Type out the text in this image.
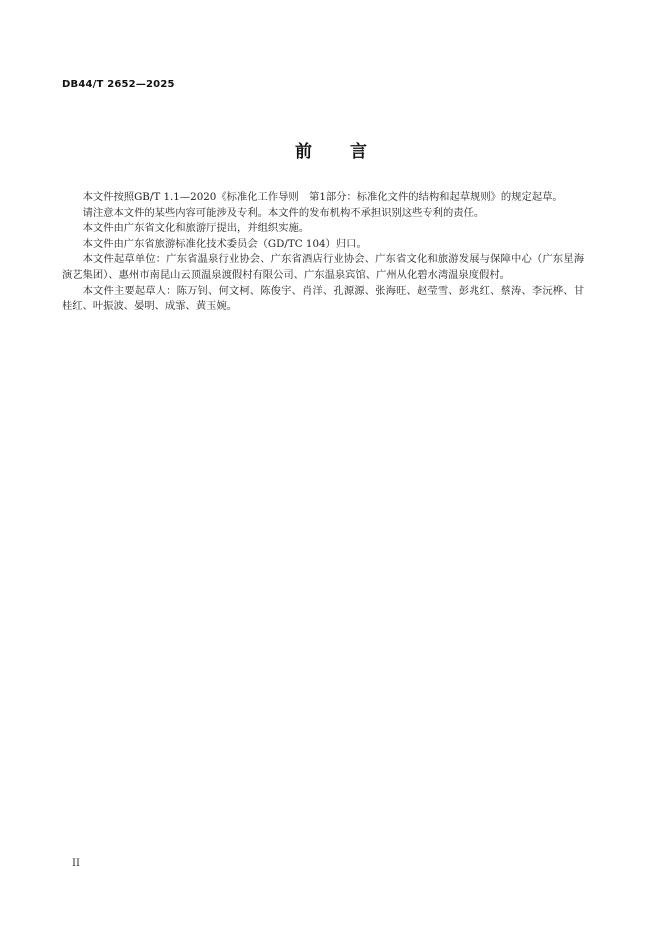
DB44/T 2652—2025
前言

本文件按照GB/T 1.1—2020《标准化工作导则　第1部分：标准化文件的结构和起草规则》的规定起草。

请注意本文件的某些内容可能涉及专利。本文件的发布机构不承担识别这些专利的责任。

本文件由广东省文化和旅游厅提出，并组织实施。

本文件由广东省旅游标准化技术委员会（GD/TC 104）归口。

本文件起草单位：广东省温泉行业协会、广东省酒店行业协会、广东省文化和旅游发展与保障中心（广东星海演艺集团）、惠州市南昆山云顶温泉渡假村有限公司、广东温泉宾馆、广州从化碧水湾温泉度假村。

本文件主要起草人：陈万钊、何文柯、陈俊宇、肖洋、孔源源、张海旺、赵莹雪、彭兆红、蔡涛、李沅桦、甘桂红、叶振波、晏明、成霏、黄玉婉。

II
